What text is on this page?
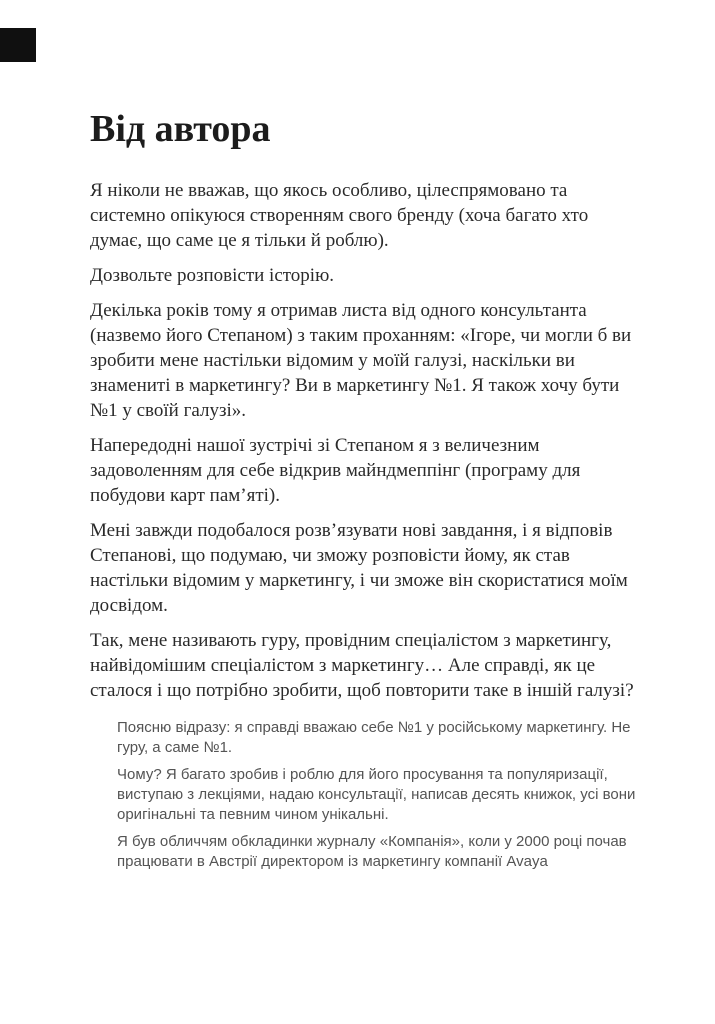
Від автора

Я ніколи не вважав, що якось особливо, цілеспрямовано та системно опікуюся створенням свого бренду (хоча багато хто думає, що саме це я тільки й роблю).

Дозвольте розповісти історію.

Декілька років тому я отримав листа від одного консультанта (назвемо його Степаном) з таким проханням: «Ігоре, чи могли б ви зробити мене настільки відомим у моїй галузі, наскільки ви знамениті в маркетингу? Ви в маркетингу №1. Я також хочу бути №1 у своїй галузі».

Напередодні нашої зустрічі зі Степаном я з величезним задоволенням для себе відкрив майндмеппінг (програму для побудови карт пам’яті).

Мені завжди подобалося розв’язувати нові завдання, і я відповів Степанові, що подумаю, чи зможу розповісти йому, як став настільки відомим у маркетингу, і чи зможе він скористатися моїм досвідом.

Так, мене називають гуру, провідним спеціалістом з маркетингу, найвідомішим спеціалістом з маркетингу… Але справді, як це сталося і що потрібно зробити, щоб повторити таке в іншій галузі?

Поясню відразу: я справді вважаю себе №1 у російському маркетингу. Не гуру, а саме №1.

Чому? Я багато зробив і роблю для його просування та популяризації, виступаю з лекціями, надаю консультації, написав десять книжок, усі вони оригінальні та певним чином унікальні.

Я був обличчям обкладинки журналу «Компанія», коли у 2000 році почав працювати в Австрії директором із маркетингу компанії Avaya
